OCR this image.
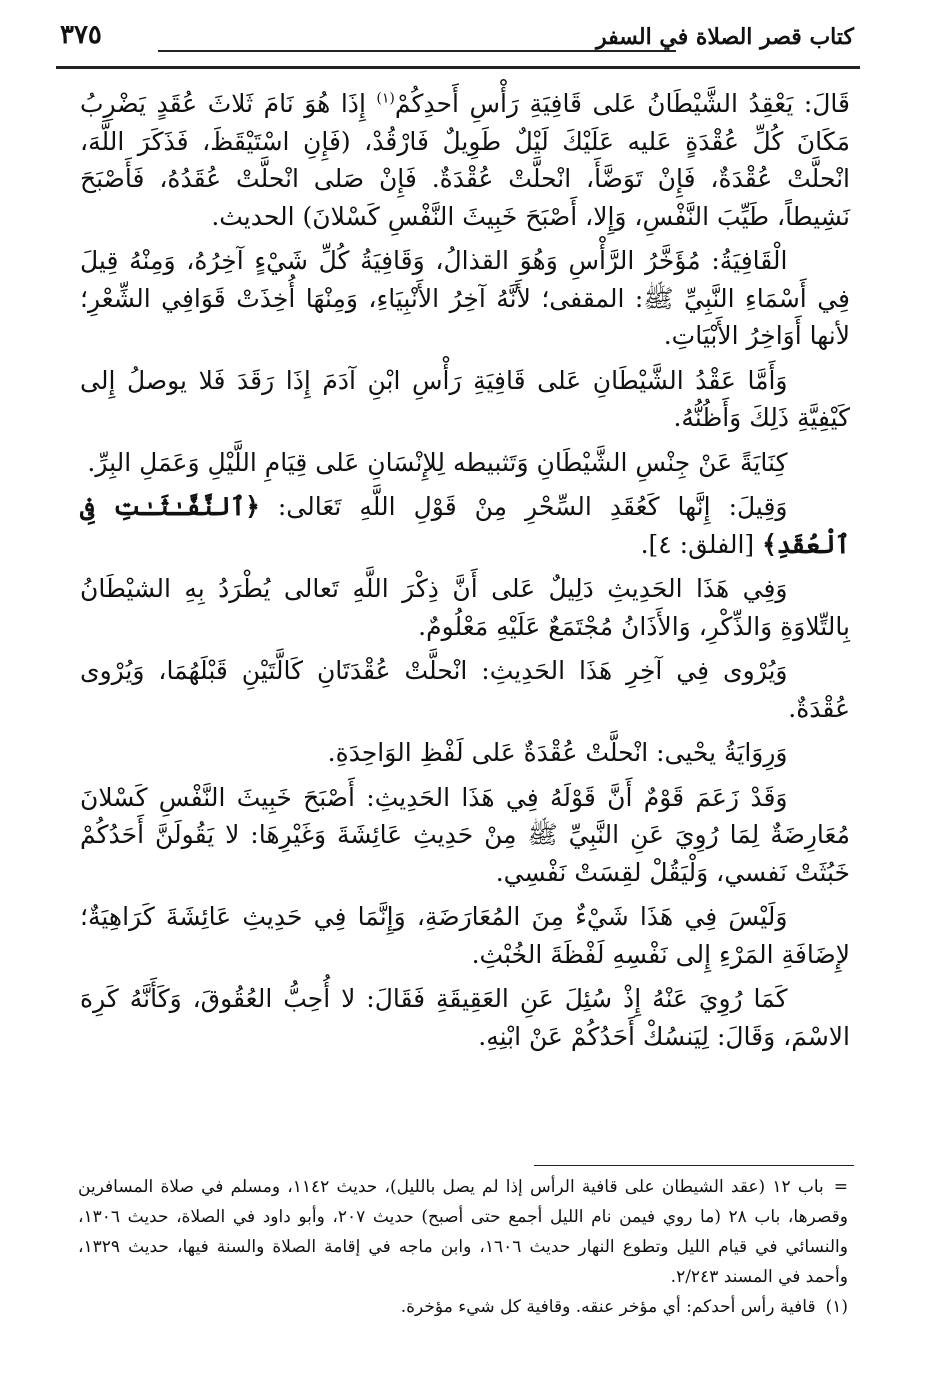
كتاب قصر الصلاة في السفر
٣٧٥

قَالَ: يَعْقِدُ الشَّيْطَانُ عَلى قَافِيَةِ رَأْسِ أَحدِكُمْ$^{(١)}$ إِذَا هُوَ نَامَ ثَلاثَ عُقَدٍ يَضْرِبُ مَكَانَ كُلِّ عُقْدَةٍ عَليه عَلَيْكَ لَيْلٌ طَوِيلٌ فَارْقُدْ، (فَإِنِ اسْتَيْقَظَ، فَذَكَرَ اللَّهَ، انْحلَّتْ عُقْدَةٌ، فَإِنْ تَوَضَّأَ، انْحلَّتْ عُقْدَةٌ. فَإِنْ صَلى انْحلَّتْ عُقَدُهُ، فَأَصْبَحَ نَشِيطاً، طَيِّبَ النَّفْسِ، وَإِلا، أَصْبَحَ خَبِيثَ النَّفْسِ كَسْلانَ) الحديث.

الْقَافِيَةُ: مُؤَخَّرُ الرَّأْسِ وَهُوَ القذالُ، وَقَافِيَةُ كُلِّ شَيْءٍ آخِرُهُ، وَمِنْهُ قِيلَ فِي أَسْمَاءِ النَّبِيِّ ﷺ: المقفى؛ لأَنَّهُ آخِرُ الأَنْبِيَاءِ، وَمِنْهَا أُخِذَتْ قَوَافِي الشِّعْرِ؛ لأنها أَوَاخِرُ الأَبْيَاتِ.

وَأَمَّا عَقْدُ الشَّيْطَانِ عَلى قَافِيَةِ رَأْسِ ابْنِ آدَمَ إِذَا رَقَدَ فَلا يوصلُ إِلى كَيْفِيَّةِ ذَلِكَ وَأَظُنُّهُ.

كِنَايَةً عَنْ جِنْسِ الشَّيْطَانِ وَتَثبيطه لِلإِنْسَانِ عَلى قِيَامِ اللَّيْلِ وَعَمَلِ البِرِّ.

وَقِيلَ: إِنَّها كَعُقَدِ السِّحْرِ مِنْ قَوْلِ اللَّهِ تَعَالى: ﴿ٱلنَّفَّـٰثَـٰتِ فِى ٱلْعُقَدِ﴾ [الفلق: ٤].

وَفِي هَذَا الحَدِيثِ دَلِيلٌ عَلى أَنَّ ذِكْرَ اللَّهِ تَعالى يُطْرَدُ بِهِ الشيْطَانُ بِالتِّلاوَةِ وَالذِّكْرِ، وَالأَذَانُ مُجْتَمَعٌ عَلَيْهِ مَعْلُومٌ.

وَيُرْوى فِي آخِرِ هَذَا الحَدِيثِ: انْحلَّتْ عُقْدَتَانِ كَالَّتَيْنِ قَبْلَهُمَا، وَيُرْوى عُقْدَةٌ.

وَرِوَايَةُ يحْيى: انْحلَّتْ عُقْدَةٌ عَلى لَفْظِ الوَاحِدَةِ.

وَقَدْ زَعَمَ قَوْمٌ أَنَّ قَوْلَهُ فِي هَذَا الحَدِيثِ: أَصْبَحَ خَبِيثَ النَّفْسِ كَسْلانَ مُعَارِضَةٌ لِمَا رُوِيَ عَنِ النَّبِيِّ ﷺ مِنْ حَدِيثِ عَائِشَةَ وَغَيْرِهَا: لا يَقُولَنَّ أَحَدُكُمْ خَبُثَتْ نَفسي، وَلْيَقُلْ لقِسَتْ نَفْسِي.

وَلَيْسَ فِي هَذَا شَيْءٌ مِنَ المُعَارَضَةِ، وَإِنَّمَا فِي حَدِيثِ عَائِشَةَ كَرَاهِيَةٌ؛ لإِضَافَةِ المَرْءِ إِلى نَفْسِهِ لَفْظَةَ الخُبْثِ.

كَمَا رُوِيَ عَنْهُ إِذْ سُئِلَ عَنِ العَقِيقَةِ فَقَالَ: لا أُحِبُّ العُقُوقَ، وَكَأَنَّهُ كَرِهَ الاسْمَ، وَقَالَ: لِيَنسُكْ أَحَدُكُمْ عَنْ ابْنِهِ.

=باب ١٢ (عقد الشيطان على قافية الرأس إذا لم يصل بالليل)، حديث ١١٤٢، ومسلم في صلاة المسافرين وقصرها، باب ٢٨ (ما روي فيمن نام الليل أجمع حتى أصبح) حديث ٢٠٧، وأبو داود في الصلاة، حديث ١٣٠٦، والنسائي في قيام الليل وتطوع النهار حديث ١٦٠٦، وابن ماجه في إقامة الصلاة والسنة فيها، حديث ١٣٢٩، وأحمد في المسند ٢/٢٤٣.

(١)قافية رأس أحدكم: أي مؤخر عنقه. وقافية كل شيء مؤخرة.
